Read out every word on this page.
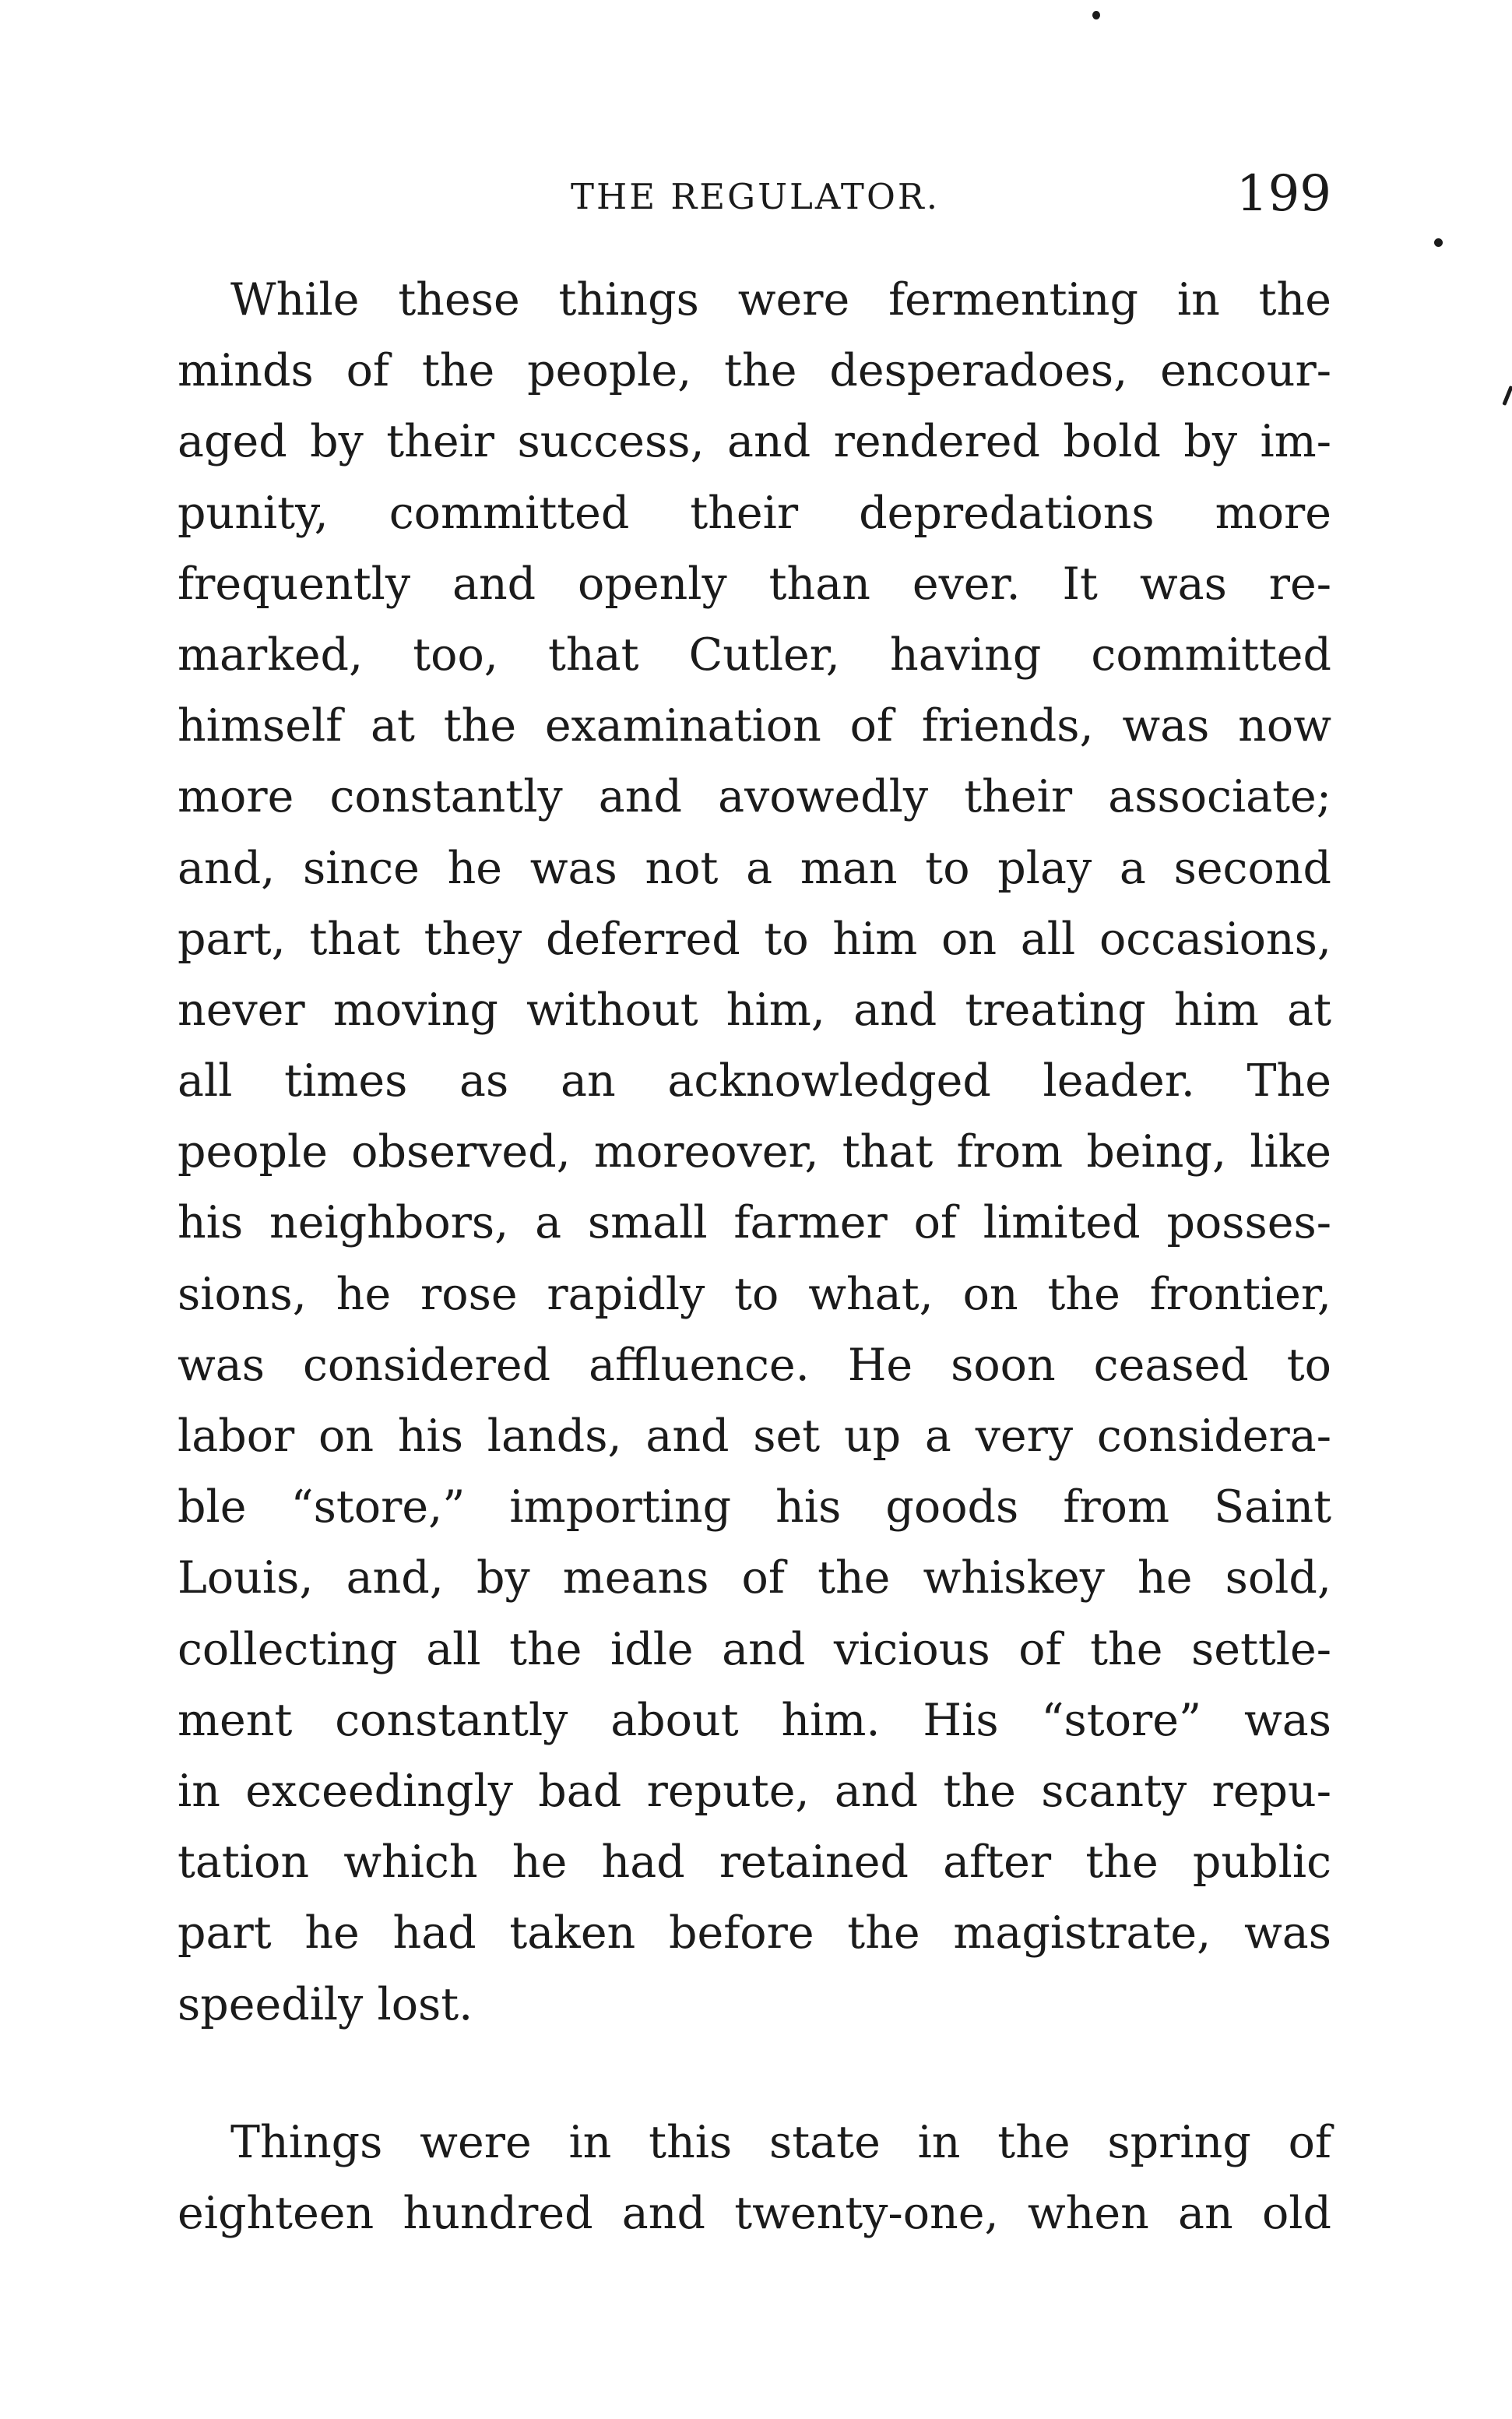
THE REGULATOR.	199
While these things were fermenting in the
minds of the people, the desperadoes, encour-
aged by their success, and rendered bold by im-
punity, committed their depredations more
frequently and openly than ever. It was re-
marked, too, that Cutler, having committed
himself at the examination of friends, was now
more constantly and avowedly their associate;
and, since he was not a man to play a second
part, that they deferred to him on all occasions,
never moving without him, and treating him at
all times as an acknowledged leader. The
people observed, moreover, that from being, like
his neighbors, a small farmer of limited posses-
sions, he rose rapidly to what, on the frontier,
was considered affluence. He soon ceased to
labor on his lands, and set up a very considera-
ble “store,” importing his goods from Saint
Louis, and, by means of the whiskey he sold,
collecting all the idle and vicious of the settle-
ment constantly about him. His “store” was
in exceedingly bad repute, and the scanty repu-
tation which he had retained after the public
part he had taken before the magistrate, was
speedily lost.
Things were in this state in the spring of
eighteen hundred and twenty-one, when an old
